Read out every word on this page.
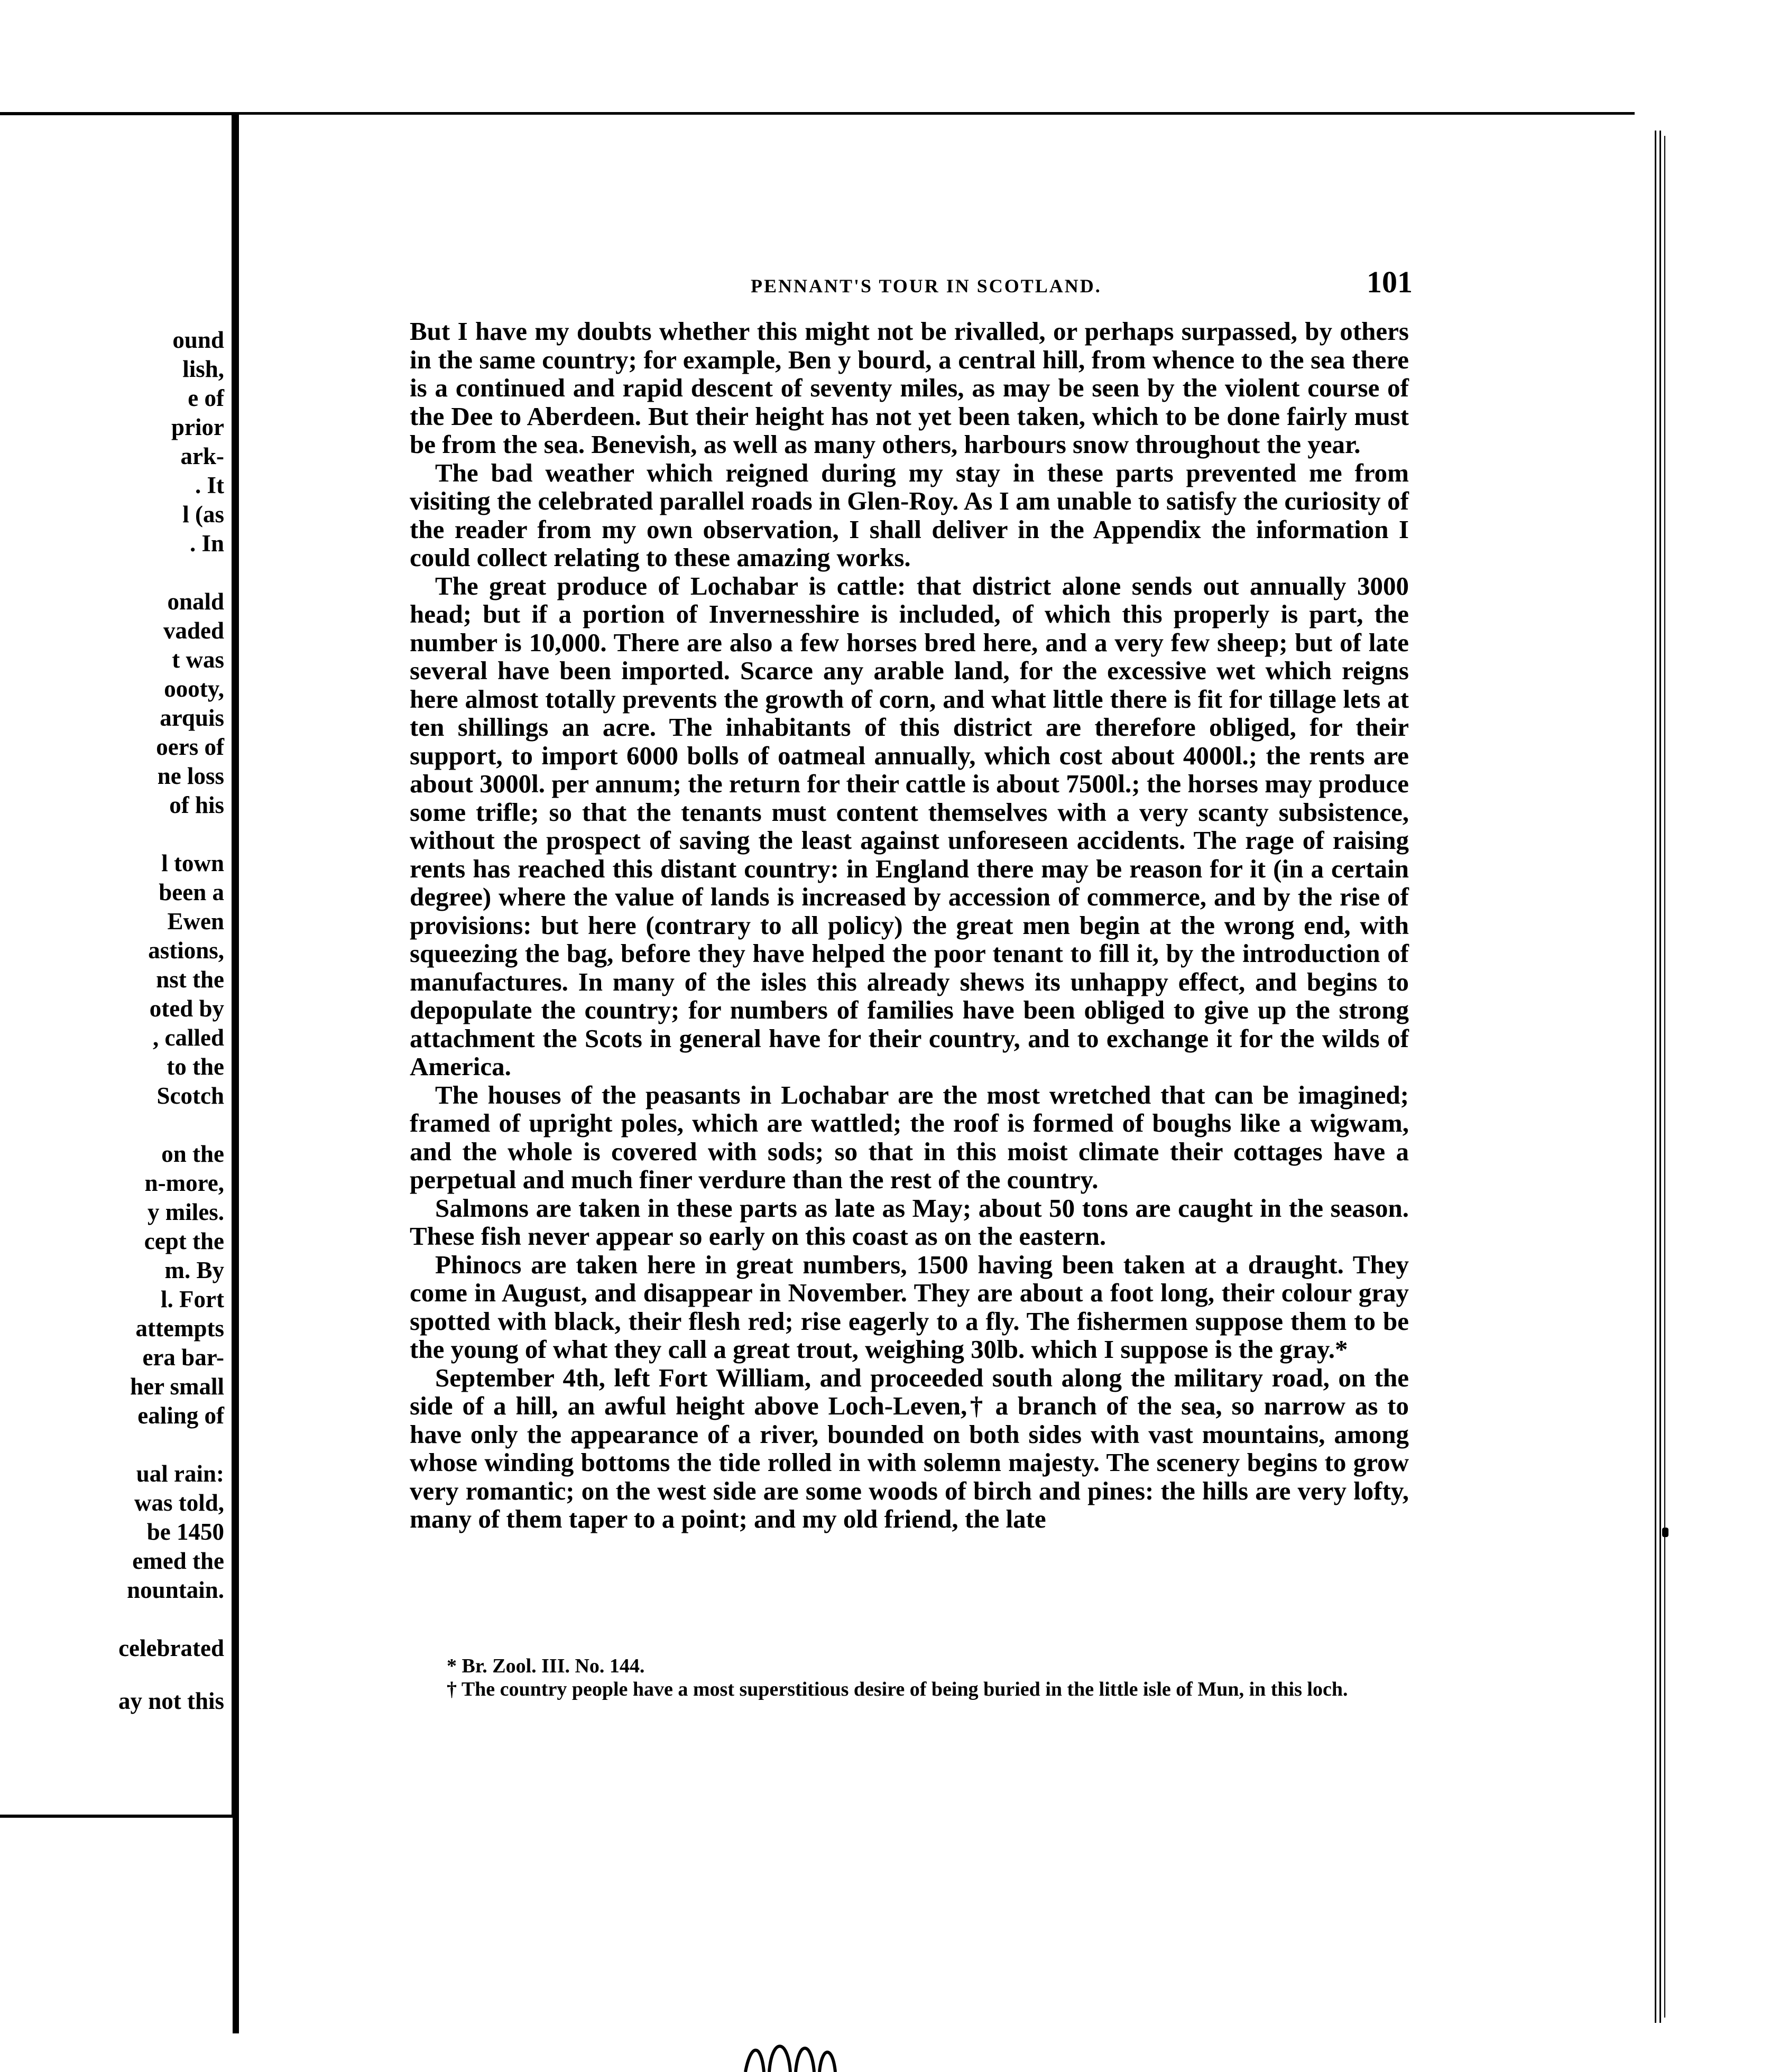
ound
lish,
e of
prior
ark-
. It
l (as
. In
onald
vaded
t was
oooty,
arquis
oers of
ne loss
of his
l town
been a
Ewen
astions,
nst the
oted by
, called
to the
Scotch
on the
n-more,
y miles.
cept the
m. By
l. Fort
attempts
era bar-
her small
ealing of
ual rain:
was told,
be 1450
emed the
nountain.
celebrated
ay not this
PENNANT'S TOUR IN SCOTLAND.	101

But I have my doubts whether this might not be rivalled, or perhaps surpassed, by others in the same country; for example, Ben y bourd, a central hill, from whence to the sea there is a continued and rapid descent of seventy miles, as may be seen by the violent course of the Dee to Aberdeen. But their height has not yet been taken, which to be done fairly must be from the sea. Benevish, as well as many others, harbours snow throughout the year.

The bad weather which reigned during my stay in these parts prevented me from visiting the celebrated parallel roads in Glen-Roy. As I am unable to satisfy the curiosity of the reader from my own observation, I shall deliver in the Appendix the information I could collect relating to these amazing works.

The great produce of Lochabar is cattle: that district alone sends out annually 3000 head; but if a portion of Invernesshire is included, of which this properly is part, the number is 10,000. There are also a few horses bred here, and a very few sheep; but of late several have been imported. Scarce any arable land, for the excessive wet which reigns here almost totally prevents the growth of corn, and what little there is fit for tillage lets at ten shillings an acre. The inhabitants of this district are therefore obliged, for their support, to import 6000 bolls of oatmeal annually, which cost about 4000l.; the rents are about 3000l. per annum; the return for their cattle is about 7500l.; the horses may produce some trifle; so that the tenants must content themselves with a very scanty subsistence, without the prospect of saving the least against unforeseen accidents. The rage of raising rents has reached this distant country: in England there may be reason for it (in a certain degree) where the value of lands is increased by accession of commerce, and by the rise of provisions: but here (contrary to all policy) the great men begin at the wrong end, with squeezing the bag, before they have helped the poor tenant to fill it, by the introduction of manufactures. In many of the isles this already shews its unhappy effect, and begins to depopulate the country; for numbers of families have been obliged to give up the strong attachment the Scots in general have for their country, and to exchange it for the wilds of America.

The houses of the peasants in Lochabar are the most wretched that can be imagined; framed of upright poles, which are wattled; the roof is formed of boughs like a wigwam, and the whole is covered with sods; so that in this moist climate their cottages have a perpetual and much finer verdure than the rest of the country.

Salmons are taken in these parts as late as May; about 50 tons are caught in the season. These fish never appear so early on this coast as on the eastern.

Phinocs are taken here in great numbers, 1500 having been taken at a draught. They come in August, and disappear in November. They are about a foot long, their colour gray spotted with black, their flesh red; rise eagerly to a fly. The fishermen suppose them to be the young of what they call a great trout, weighing 30lb. which I suppose is the gray.*

September 4th, left Fort William, and proceeded south along the military road, on the side of a hill, an awful height above Loch-Leven,† a branch of the sea, so narrow as to have only the appearance of a river, bounded on both sides with vast mountains, among whose winding bottoms the tide rolled in with solemn majesty. The scenery begins to grow very romantic; on the west side are some woods of birch and pines: the hills are very lofty, many of them taper to a point; and my old friend, the late

* Br. Zool. III. No. 144.

† The country people have a most superstitious desire of being buried in the little isle of Mun, in this loch.
